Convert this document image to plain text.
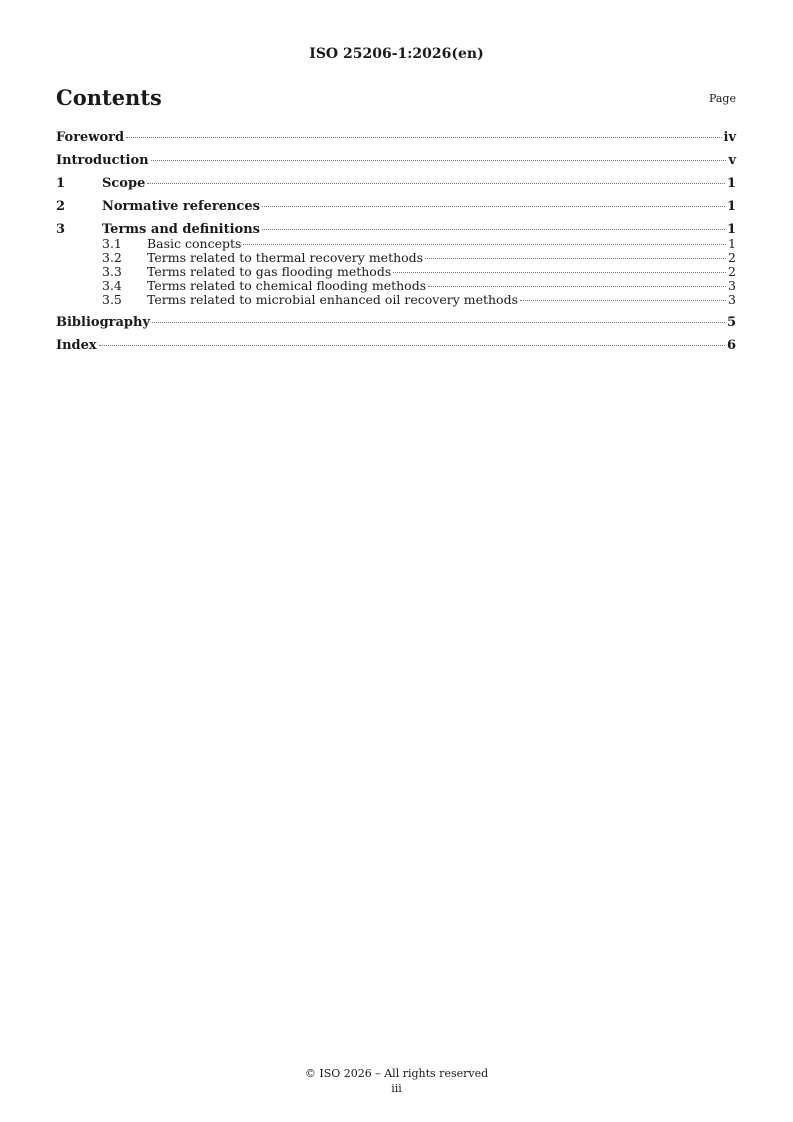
ISO 25206-1:2026(en)
Contents	Page
Foreword	iv
Introduction	v
1	Scope	1
2	Normative references	1
3	Terms and definitions	1
3.1	Basic concepts	1
3.2	Terms related to thermal recovery methods	2
3.3	Terms related to gas flooding methods	2
3.4	Terms related to chemical flooding methods	3
3.5	Terms related to microbial enhanced oil recovery methods	3
Bibliography	5
Index	6
© ISO 2026 – All rights reserved
iii
